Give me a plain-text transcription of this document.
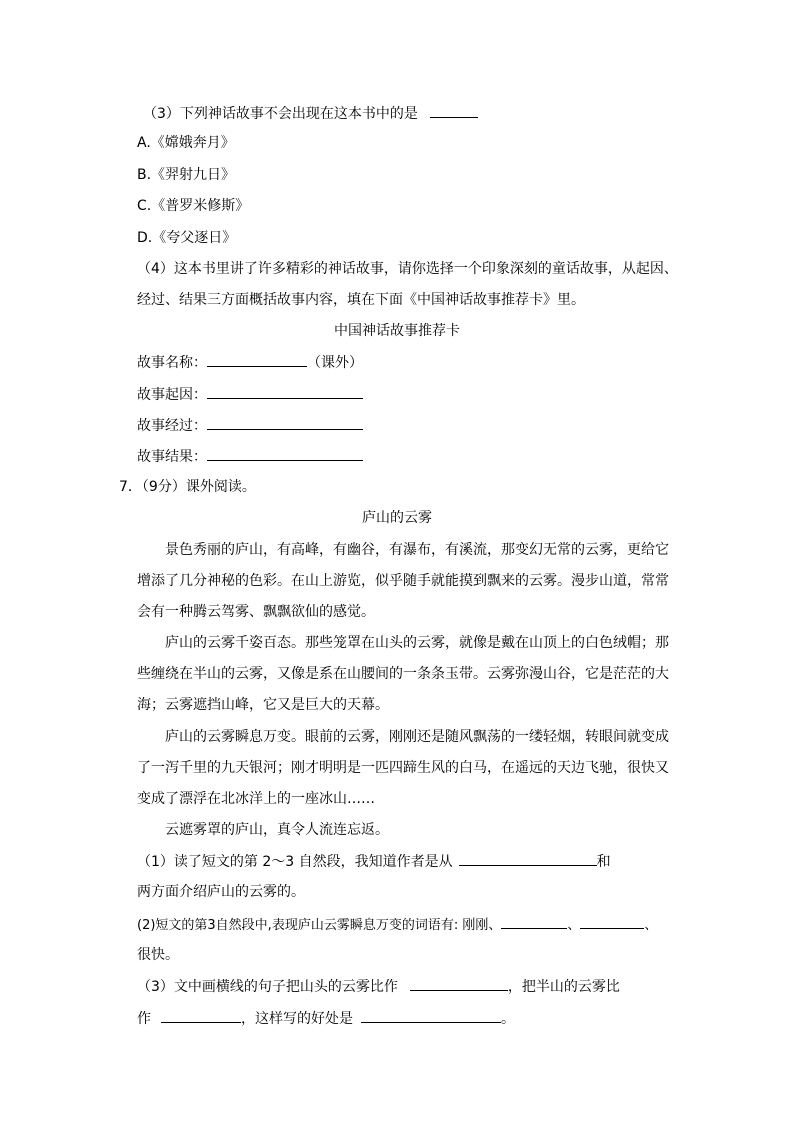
（3）下列神话故事不会出现在这本书中的是
A.《嫦娥奔月》
B.《羿射九日》
C.《普罗米修斯》
D.《夸父逐日》
（4）这本书里讲了许多精彩的神话故事，请你选择一个印象深刻的童话故事，从起因、
经过、结果三方面概括故事内容，填在下面《中国神话故事推荐卡》里。
中国神话故事推荐卡
故事名称：	（课外）
故事起因：
故事经过：
故事结果：
7．（9分）课外阅读。
庐山的云雾
景色秀丽的庐山，有高峰，有幽谷，有瀑布，有溪流，那变幻无常的云雾，更给它
增添了几分神秘的色彩。在山上游览，似乎随手就能摸到飘来的云雾。漫步山道，常常
会有一种腾云驾雾、飘飘欲仙的感觉。
庐山的云雾千姿百态。那些笼罩在山头的云雾，就像是戴在山顶上的白色绒帽；那
些缠绕在半山的云雾，又像是系在山腰间的一条条玉带。云雾弥漫山谷，它是茫茫的大
海；云雾遮挡山峰，它又是巨大的天幕。
庐山的云雾瞬息万变。眼前的云雾，刚刚还是随风飘荡的一缕轻烟，转眼间就变成
了一泻千里的九天银河；刚才明明是一匹四蹄生风的白马，在遥远的天边飞驰，很快又
变成了漂浮在北冰洋上的一座冰山……
云遮雾罩的庐山，真令人流连忘返。
（1）读了短文的第 2～3 自然段，我知道作者是从	和
两方面介绍庐山的云雾的。
(2)短文的第3自然段中,表现庐山云雾瞬息万变的词语有: 刚刚、	、	、
很快。
（3）文中画横线的句子把山头的云雾比作	，把半山的云雾比
作	，这样写的好处是	。
